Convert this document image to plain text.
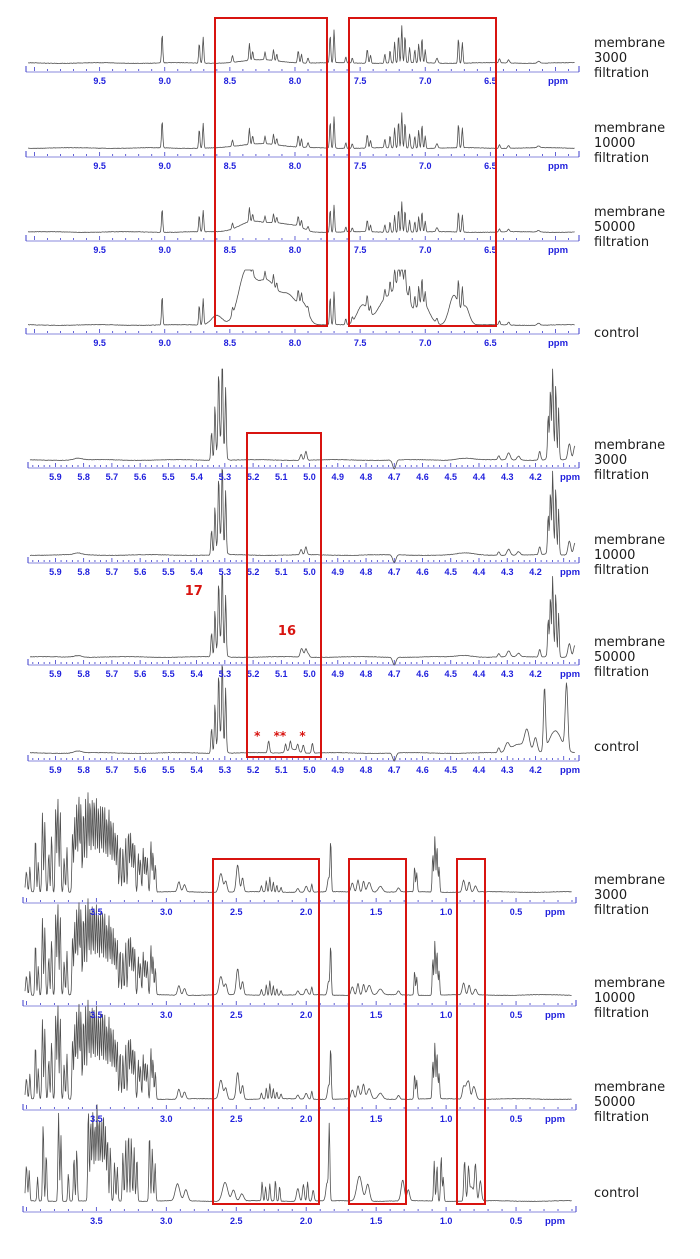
9.5	9.0	8.5	8.0	7.5	7.0	6.5	ppm
membrane
3000
filtration
9.5	9.0	8.5	8.0	7.5	7.0	6.5	ppm
membrane
10000
filtration
9.5	9.0	8.5	8.0	7.5	7.0	6.5	ppm
membrane
50000
filtration
9.5	9.0	8.5	8.0	7.5	7.0	6.5	ppm
control
5.9 5.8 5.7 5.6 5.5 5.4 5.3 5.2 5.1 5.0 4.9 4.8 4.7 4.6 4.5 4.4 4.3 4.2 ppm
membrane
3000
filtration
5.9 5.8 5.7 5.6 5.5 5.4 5.3 5.2 5.1 5.0 4.9 4.8 4.7 4.6 4.5 4.4 4.3 4.2 ppm
membrane
10000
filtration
5.9 5.8 5.7 5.6 5.5 5.4 5.3 5.2 5.1 5.0 4.9 4.8 4.7 4.6 4.5 4.4 4.3 4.2 ppm
membrane
50000
filtration
5.9 5.8 5.7 5.6 5.5 5.4 5.3 5.2 5.1 5.0 4.9 4.8 4.7 4.6 4.5 4.4 4.3 4.2 ppm
control
17
16
* ** *
3.5	3.0	2.5	2.0	1.5	1.0	0.5 ppm
membrane
3000
filtration
3.5	3.0	2.5	2.0	1.5	1.0	0.5 ppm
membrane
10000
filtration
3.5	3.0	2.5	2.0	1.5	1.0	0.5 ppm
membrane
50000
filtration
3.5	3.0	2.5	2.0	1.5	1.0	0.5 ppm
control
